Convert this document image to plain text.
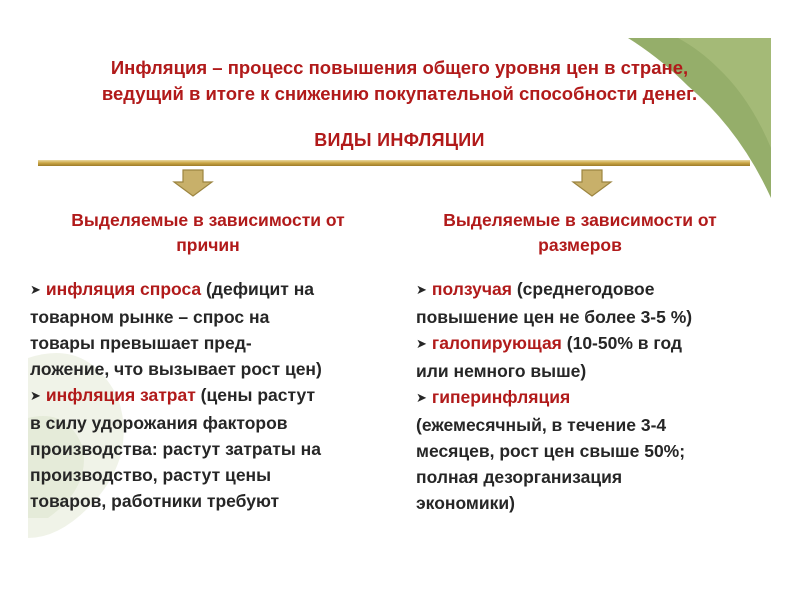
Инфляция – процесс повышения общего уровня цен в стране,
ведущий в итоге к снижению покупательной способности денег.
ВИДЫ ИНФЛЯЦИИ
Выделяемые в зависимости от
причин
Выделяемые в зависимости от
размеров
➤ инфляция спроса (дефицит на
товарном рынке – спрос на
товары превышает пред-
ложение, что вызывает рост цен)
➤ инфляция затрат (цены растут
в силу удорожания факторов
производства: растут затраты на
производство, растут цены
товаров, работники требуют
➤ ползучая (среднегодовое
повышение цен не более 3-5 %)
➤ галопирующая (10-50% в год
или немного выше)
➤ гиперинфляция
(ежемесячный, в течение 3-4
месяцев, рост цен свыше 50%;
полная дезорганизация
экономики)
